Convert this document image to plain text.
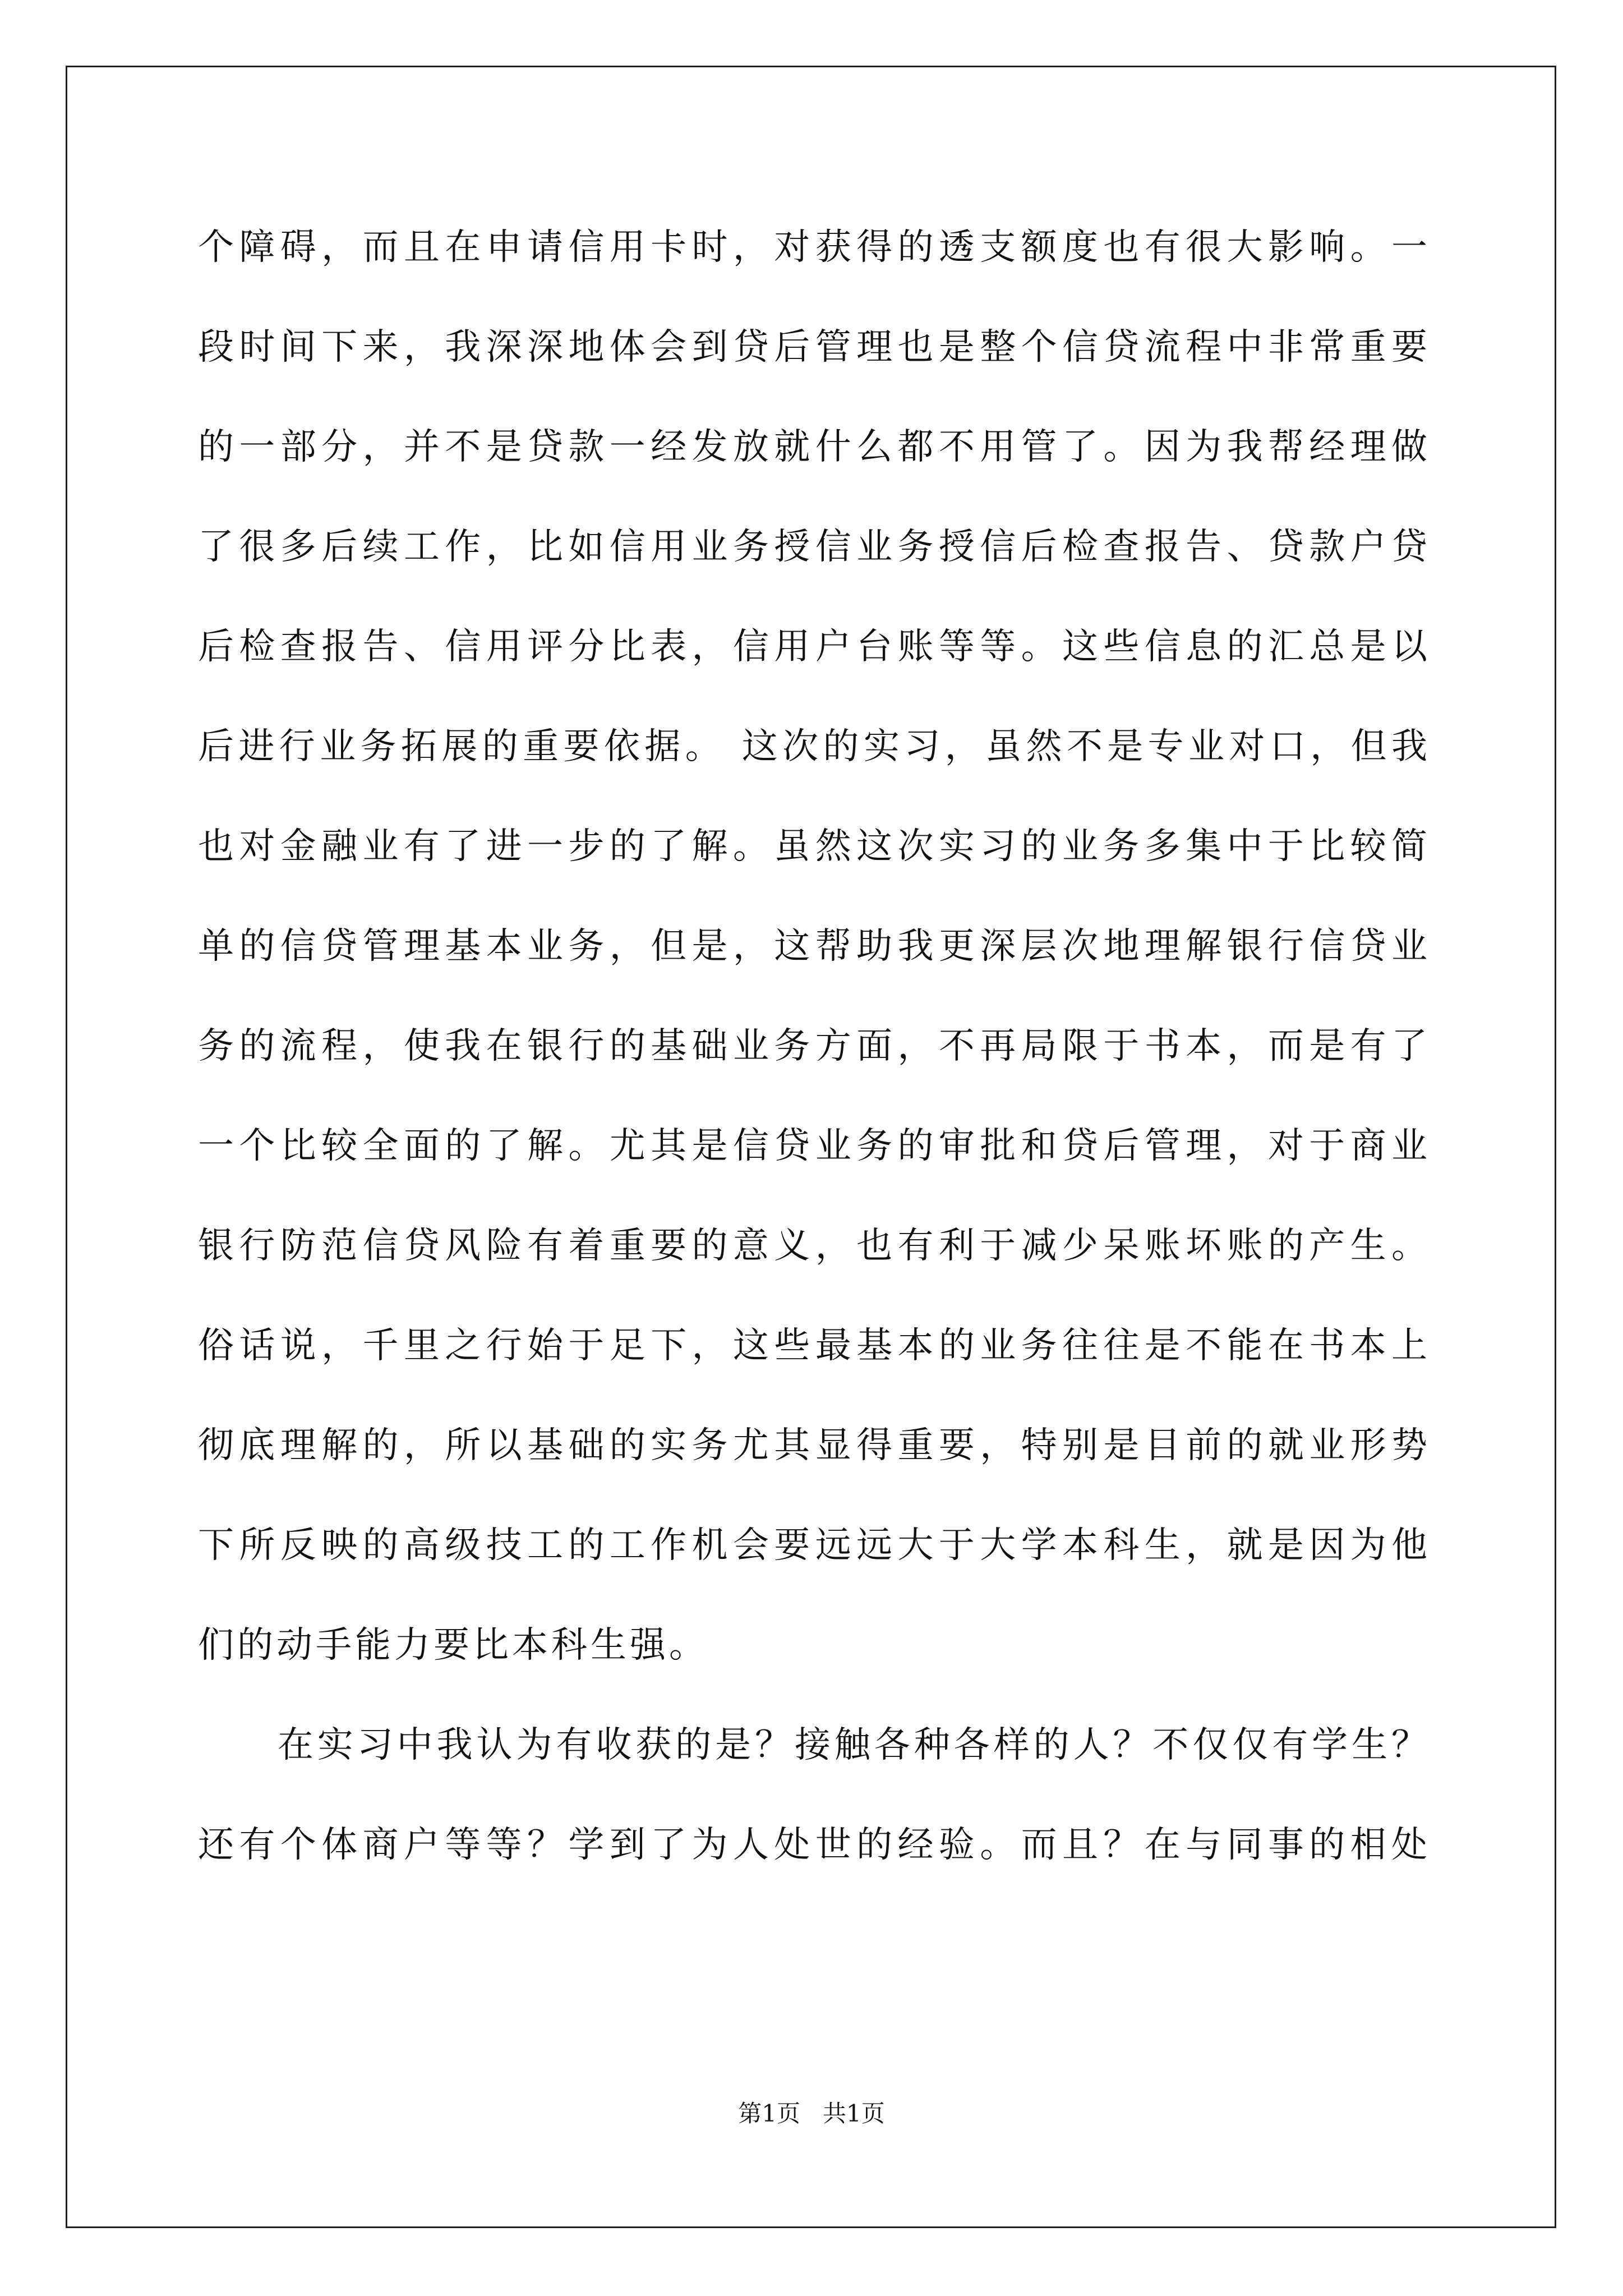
个障碍，而且在申请信用卡时，对获得的透支额度也有很大影响。一
段时间下来，我深深地体会到贷后管理也是整个信贷流程中非常重要
的一部分，并不是贷款一经发放就什么都不用管了。因为我帮经理做
了很多后续工作，比如信用业务授信业务授信后检查报告、贷款户贷
后检查报告、信用评分比表，信用户台账等等。这些信息的汇总是以
后进行业务拓展的重要依据。 这次的实习，虽然不是专业对口，但我
也对金融业有了进一步的了解。虽然这次实习的业务多集中于比较简
单的信贷管理基本业务，但是，这帮助我更深层次地理解银行信贷业
务的流程，使我在银行的基础业务方面，不再局限于书本，而是有了
一个比较全面的了解。尤其是信贷业务的审批和贷后管理，对于商业
银行防范信贷风险有着重要的意义，也有利于减少呆账坏账的产生。
俗话说，千里之行始于足下，这些最基本的业务往往是不能在书本上
彻底理解的，所以基础的实务尤其显得重要，特别是目前的就业形势
下所反映的高级技工的工作机会要远远大于大学本科生，就是因为他
们的动手能力要比本科生强。
　　在实习中我认为有收获的是？接触各种各样的人？不仅仅有学生？
还有个体商户等等？学到了为人处世的经验。而且？在与同事的相处
第1页   共1页
